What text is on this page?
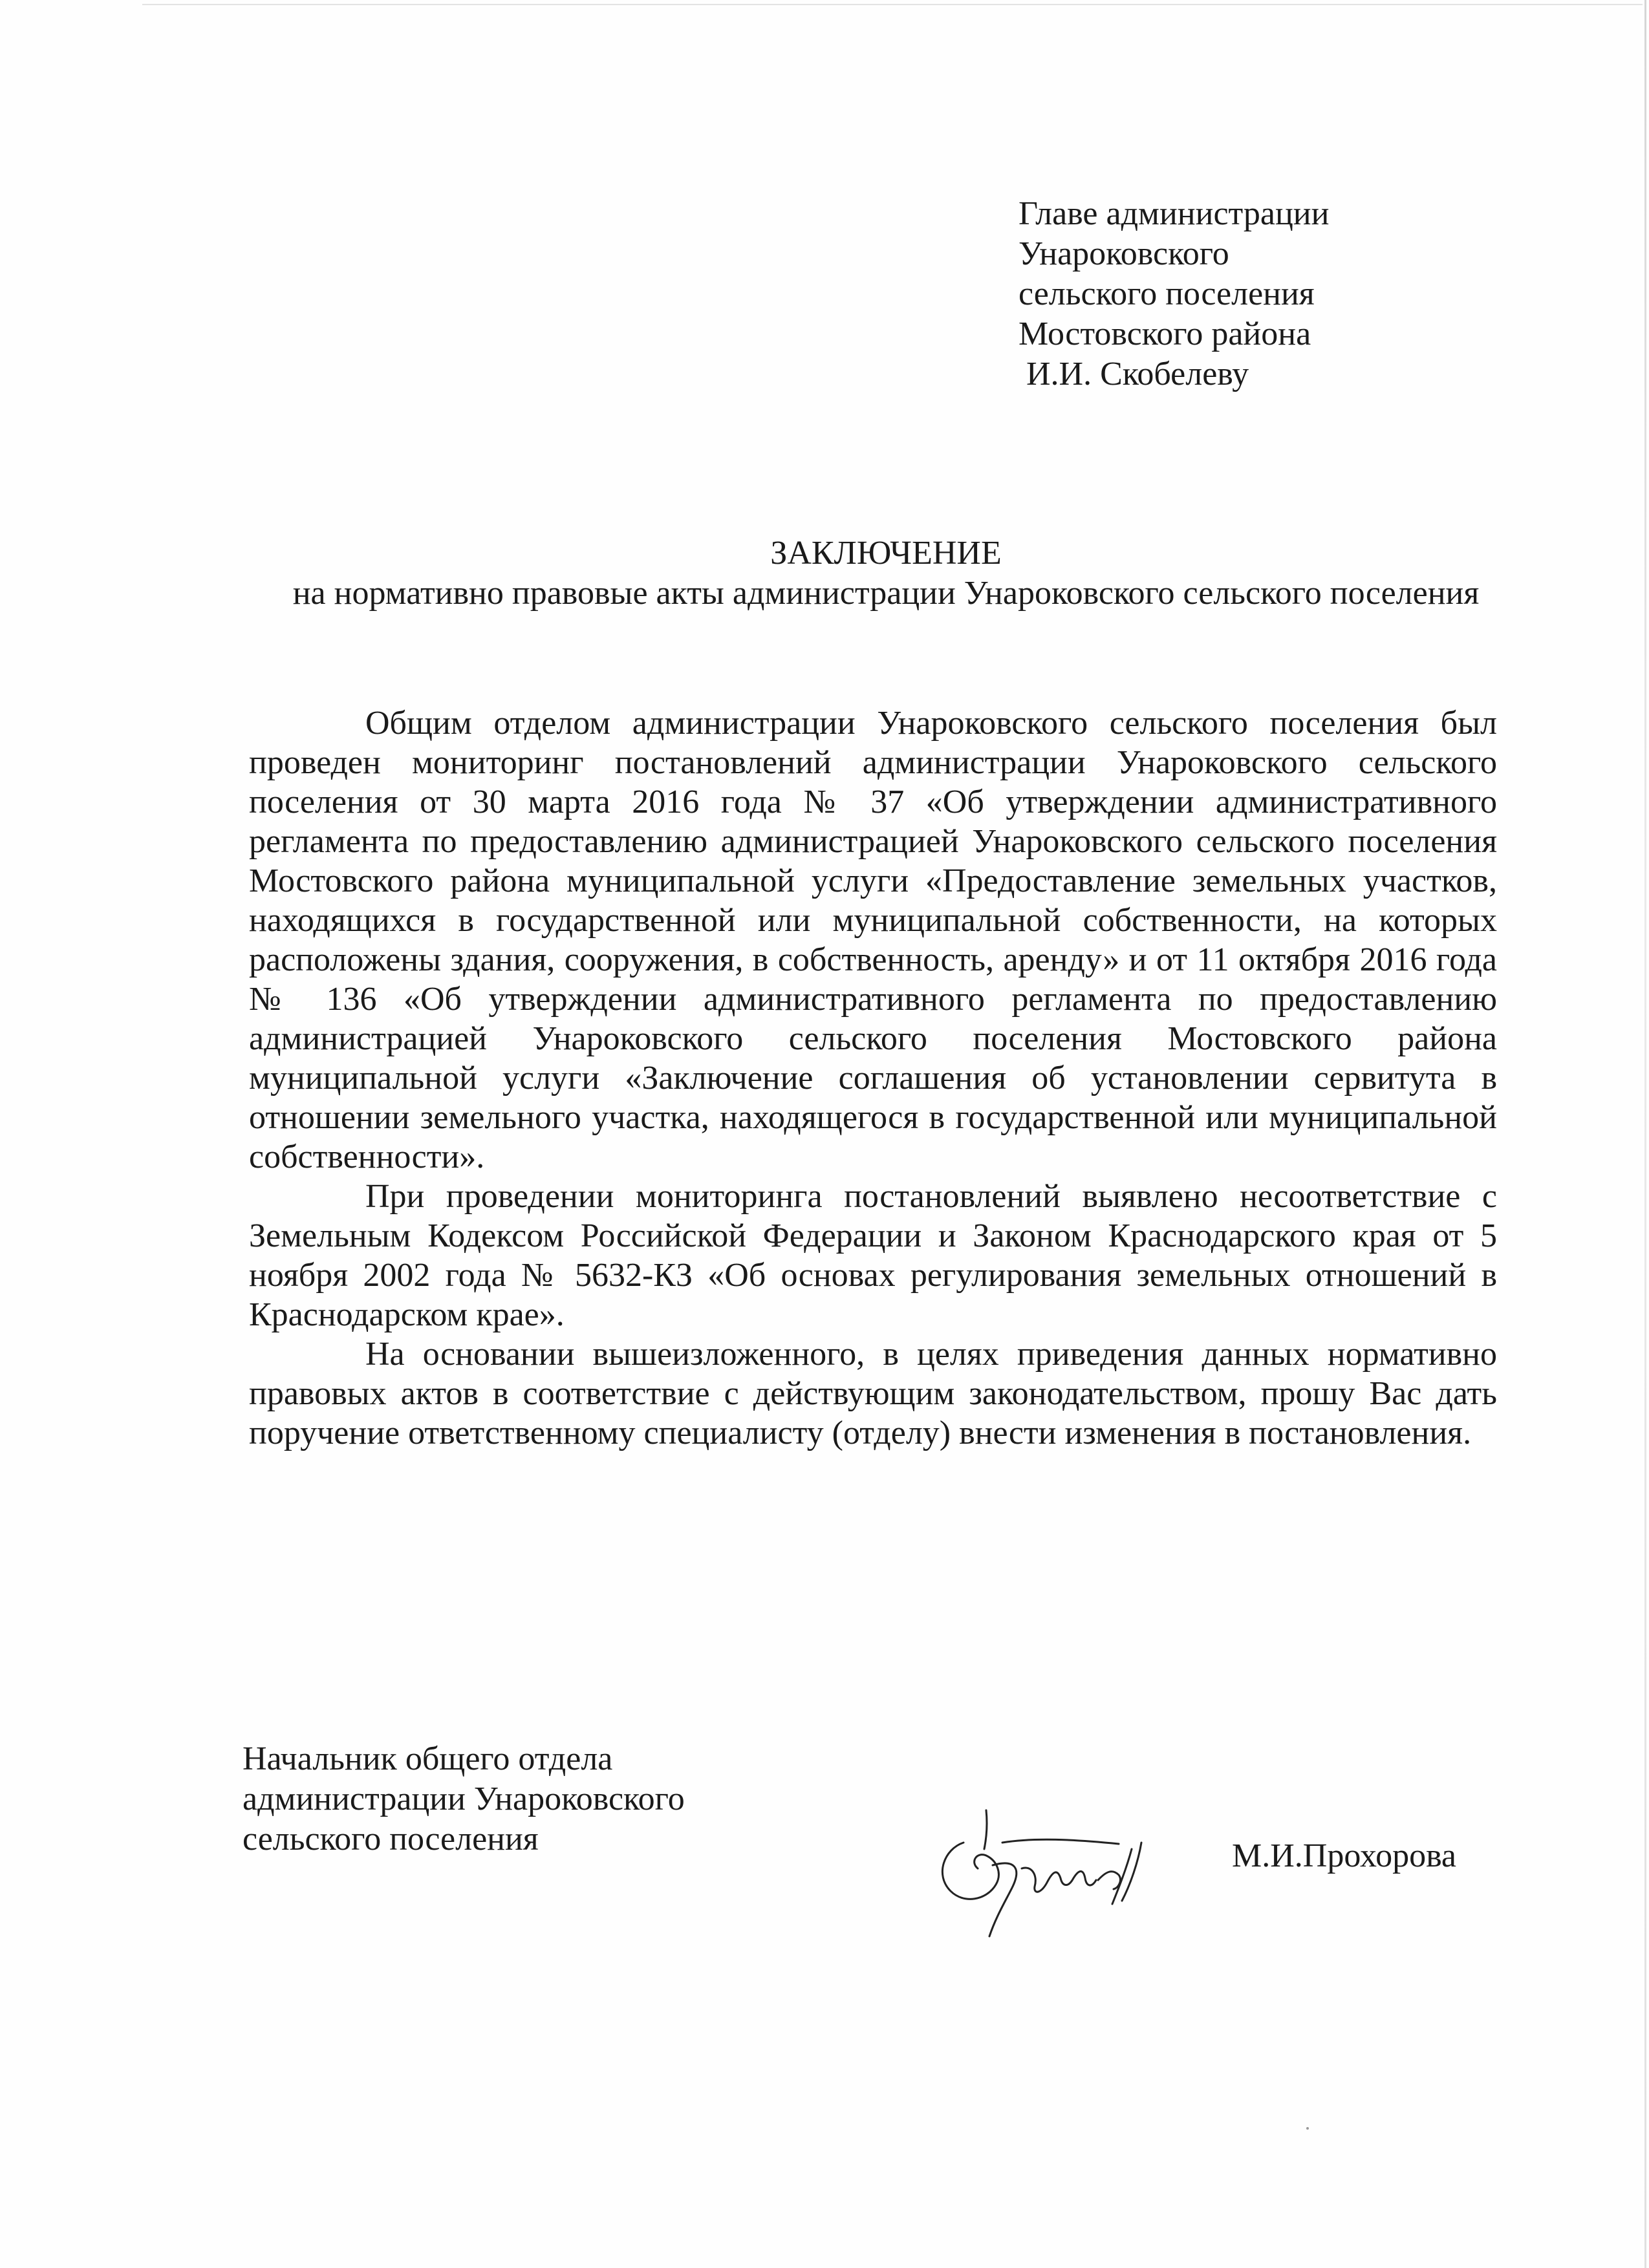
Главе администрации
Унароковского
сельского поселения
Мостовского района
И.И. Скобелеву
ЗАКЛЮЧЕНИЕ
на нормативно правовые акты администрации Унароковского сельского поселения

Общим отделом администрации Унароковского сельского поселения был проведен мониторинг постановлений администрации Унароковского сельского поселения от 30 марта 2016 года № 37 «Об утверждении административного регламента по предоставлению администрацией Унароковского сельского поселения Мостовского района муниципальной услуги «Предоставление земельных участков, находящихся в государственной или муниципальной собственности, на которых расположены здания, сооружения, в собственность, аренду» и от 11 октября 2016 года № 136 «Об утверждении административного регламента по предоставлению администрацией Унароковского сельского поселения Мостовского района муниципальной услуги «Заключение соглашения об установлении сервитута в отношении земельного участка, находящегося в государственной или муниципальной собственности».

При проведении мониторинга постановлений выявлено несоответствие с Земельным Кодексом Российской Федерации и Законом Краснодарского края от 5 ноября 2002 года № 5632-КЗ «Об основах регулирования земельных отношений в Краснодарском крае».

На основании вышеизложенного, в целях приведения данных нормативно правовых актов в соответствие с действующим законодательством, прошу Вас дать поручение ответственному специалисту (отделу) внести изменения в постановления.

Начальник общего отдела
администрации Унароковского
сельского поселения	М.И.Прохорова
